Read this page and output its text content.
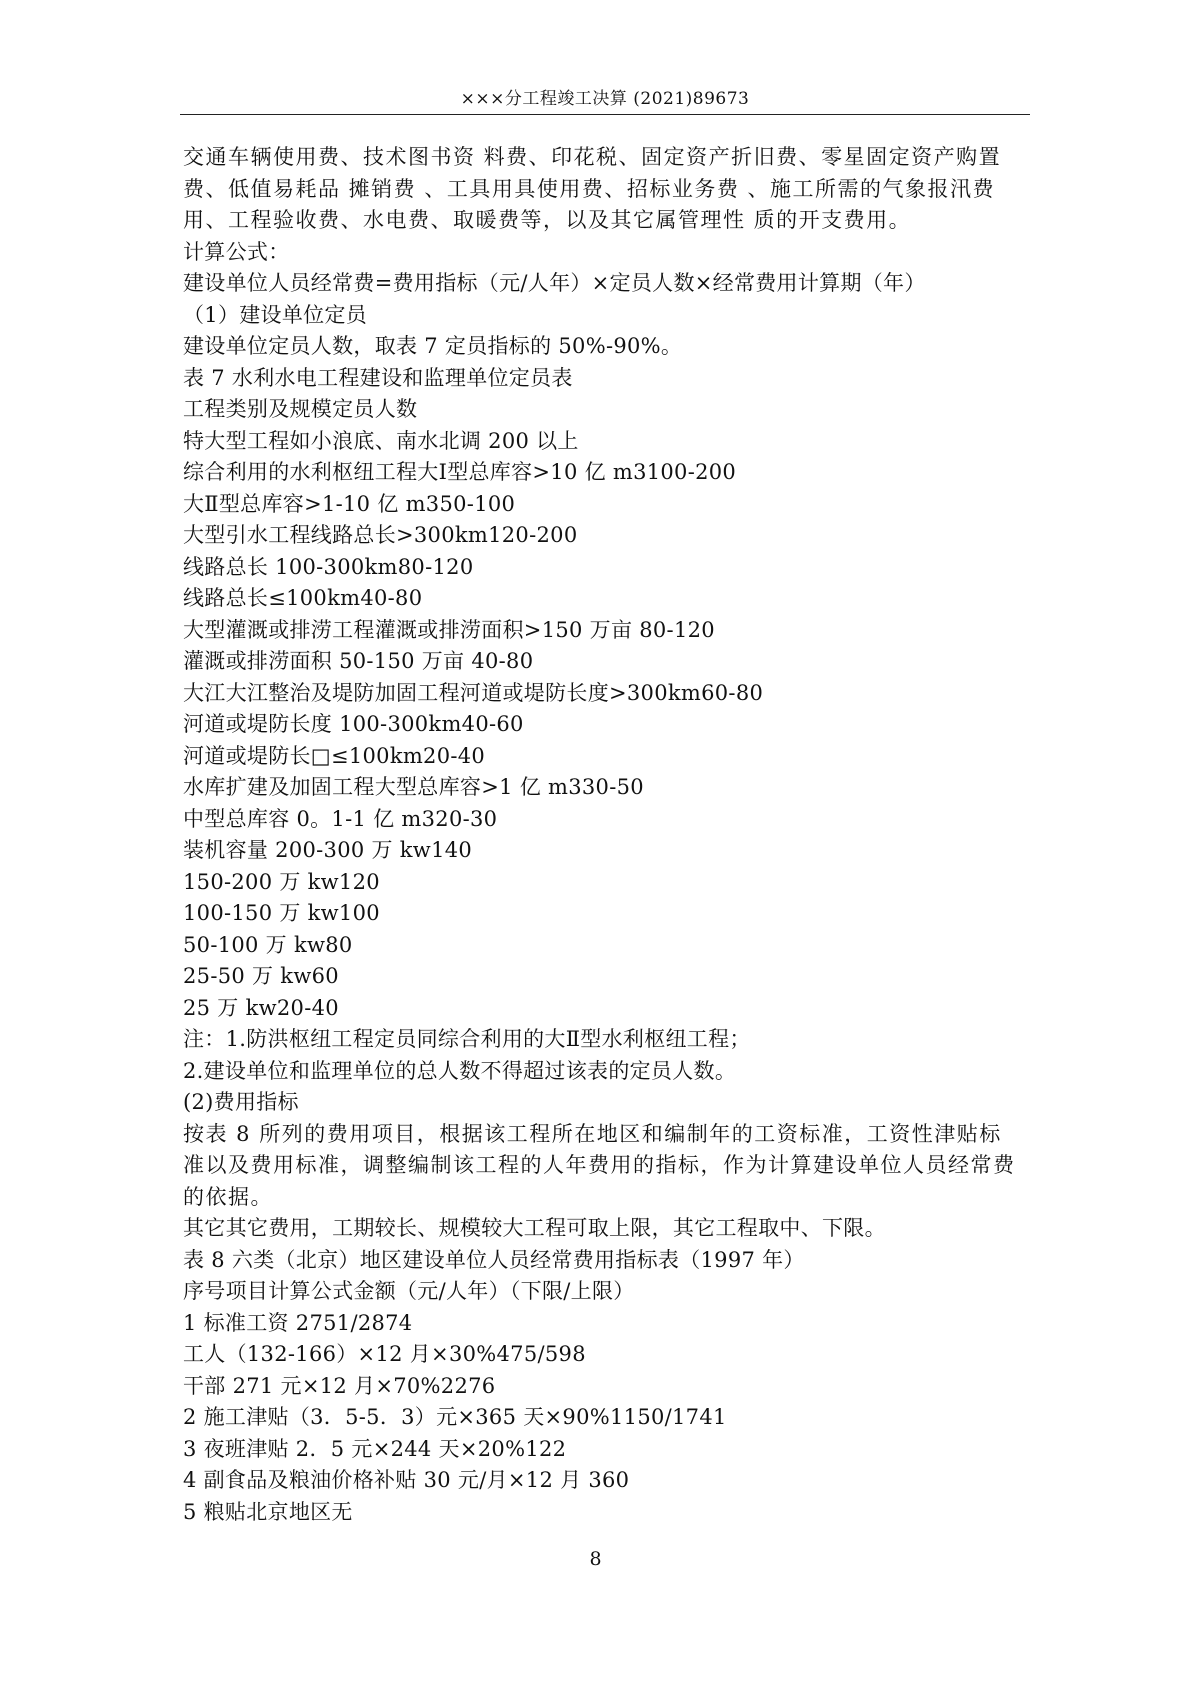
×××分工程竣工决算 (2021)89673
交通车辆使用费、技术图书资 料费、印花税、固定资产折旧费、零星固定资产购置费、低值易耗品 摊销费 、工具用具使用费、招标业务费 、施工所需的气象报汛费用、工程验收费、水电费、取暖费等，以及其它属管理性 质的开支费用。
计算公式：
建设单位人员经常费=费用指标（元/人年）×定员人数×经常费用计算期（年）
（1）建设单位定员
建设单位定员人数，取表 7 定员指标的 50%-90%。
表 7 水利水电工程建设和监理单位定员表
工程类别及规模定员人数
特大型工程如小浪底、南水北调 200 以上
综合利用的水利枢纽工程大Ⅰ型总库容>10 亿 m3100-200
大Ⅱ型总库容>1-10 亿 m350-100
大型引水工程线路总长>300km120-200
线路总长 100-300km80-120
线路总长≤100km40-80
大型灌溉或排涝工程灌溉或排涝面积>150 万亩 80-120
灌溉或排涝面积 50-150 万亩 40-80
大江大江整治及堤防加固工程河道或堤防长度>300km60-80
河道或堤防长度 100-300km40-60
河道或堤防长□≤100km20-40
水库扩建及加固工程大型总库容>1 亿 m330-50
中型总库容 0。1-1 亿 m320-30
装机容量 200-300 万 kw140
150-200 万 kw120
100-150 万 kw100
50-100 万 kw80
25-50 万 kw60
25 万 kw20-40
注：1.防洪枢纽工程定员同综合利用的大Ⅱ型水利枢纽工程；
2.建设单位和监理单位的总人数不得超过该表的定员人数。
(2)费用指标
按表 8 所列的费用项目，根据该工程所在地区和编制年的工资标准，工资性津贴标准以及费用标准，调整编制该工程的人年费用的指标，作为计算建设单位人员经常费的依据。
其它其它费用，工期较长、规模较大工程可取上限，其它工程取中、下限。
表 8 六类（北京）地区建设单位人员经常费用指标表（1997 年）
序号项目计算公式金额（元/人年）（下限/上限）
1 标准工资 2751/2874
工人（132-166）×12 月×30%475/598
干部 271 元×12 月×70%2276
2 施工津贴（3．5-5．3）元×365 天×90%1150/1741
3 夜班津贴 2．5 元×244 天×20%122
4 副食品及粮油价格补贴 30 元/月×12 月 360
5 粮贴北京地区无
8
